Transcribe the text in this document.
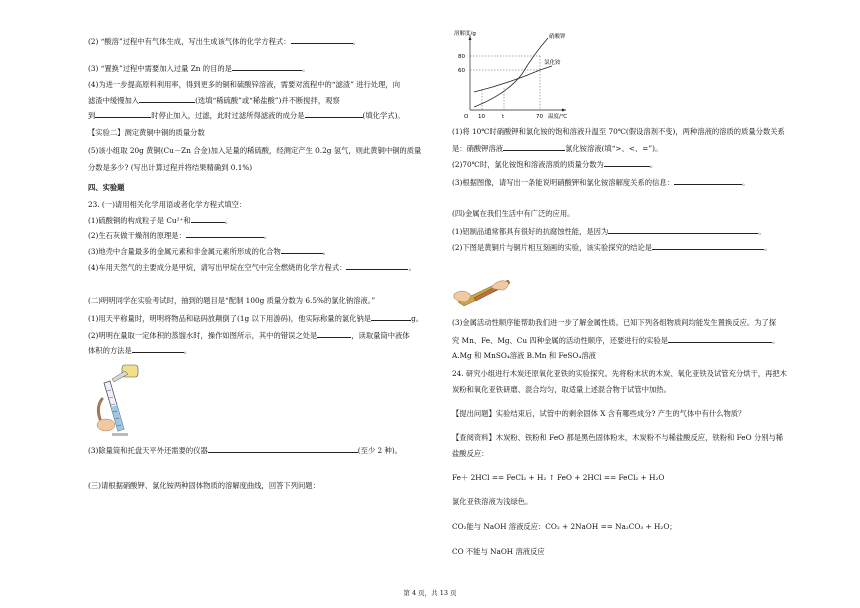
(2) “酸溶”过程中有气体生成，写出生成该气体的化学方程式：	。
(3) “置换”过程中需要加入过量 Zn 的目的是	。
(4)为进一步提高原料利用率，得到更多的铜和硫酸锌溶液，需要对流程中的“滤渣” 进行处理，向
滤渣中缓慢加入	(选填“稀硫酸”或“稀盐酸”)并不断搅拌，观察
到	时停止加入，过滤，此时过滤所得滤液的成分是	(填化学式)。
【实验二】测定黄铜中铜的质量分数
(5)该小组取 20g 黄铜(Cu－Zn 合金)加入足量的稀硫酸，经测定产生 0.2g 氢气，则此黄铜中铜的质量
分数是多少? (写出计算过程并将结果精确到 0.1%)
四、实验题
23. (一)请用相关化学用语或者化学方程式填空：
(1)硫酸铜的构成粒子是 Cu²⁺和	。
(2)生石灰做干燥剂的原理是：	。
(3)地壳中含量最多的金属元素和非金属元素所形成的化合物	。
(4)车用天然气的主要成分是甲烷，请写出甲烷在空气中完全燃烧的化学方程式：	。
(二)明明同学在实验考试时，抽到的题目是“配制 100g 质量分数为 6.5%的氯化钠溶液。”
(1)用天平称量时，明明将物品和砝码放颠倒了(1g 以下用游码)，他实际称量的氯化钠是	g。
(2)明明在量取一定体积的蒸馏水时，操作如图所示，其中的错误之处是	，读取量筒中液体
体积的方法是	。
(3)除量筒和托盘天平外还需要的仪器	(至少 2 种)。
(三)请根据硝酸钾、氯化铵两种固体物质的溶解度曲线，回答下列问题：
溶解度/g
80
60
硝酸钾
氯化铵
O 10	t	70 温度/℃
(1)将 10℃时硝酸钾和氯化铵的饱和溶液升温至 70℃(假设溶剂不变)，两种溶液的溶质的质量分数关系
是：硝酸钾溶液	氯化铵溶液(填“>、<、=”)。
(2)70℃时，氯化铵饱和溶液溶质的质量分数为	。
(3)根据图像，请写出一条能说明硝酸钾和氯化铵溶解度关系的信息：	。
(四)金属在我们生活中有广泛的应用。
(1)铝制品通常都具有很好的抗腐蚀性能，是因为	。
(2)下图是黄铜片与铜片相互刻画的实验，该实验探究的结论是	。
(3)金属活动性顺序能帮助我们进一步了解金属性质。已知下列各组物质间均能发生置换反应。为了探
究 Mn、Fe、Mg、Cu 四种金属的活动性顺序，还要进行的实验是	。
A.Mg 和 MnSO₄溶液 B.Mn 和 FeSO₄溶液
24. 研究小组进行木炭还原氧化亚铁的实验探究。先将粉末状的木炭、氧化亚铁及试管充分烘干，再把木
炭粉和氧化亚铁研磨、混合均匀，取适量上述混合物于试管中加热。
【提出问题】实验结束后，试管中的剩余固体 X 含有哪些成分? 产生的气体中有什么物质？
【查阅资料】木炭粉、铁粉和 FeO 都是黑色固体粉末，木炭粉不与稀盐酸反应，铁粉和 FeO 分别与稀
盐酸反应：
Fe＋ 2HCl == FeCl₂ + H₂ ↑ FeO + 2HCl == FeCl₂ + H₂O
氯化亚铁溶液为浅绿色。
CO₂能与 NaOH 溶液反应：CO₂ + 2NaOH == Na₂CO₃ + H₂O；
CO 不能与 NaOH 溶液反应
第 4 页，共 13 页
